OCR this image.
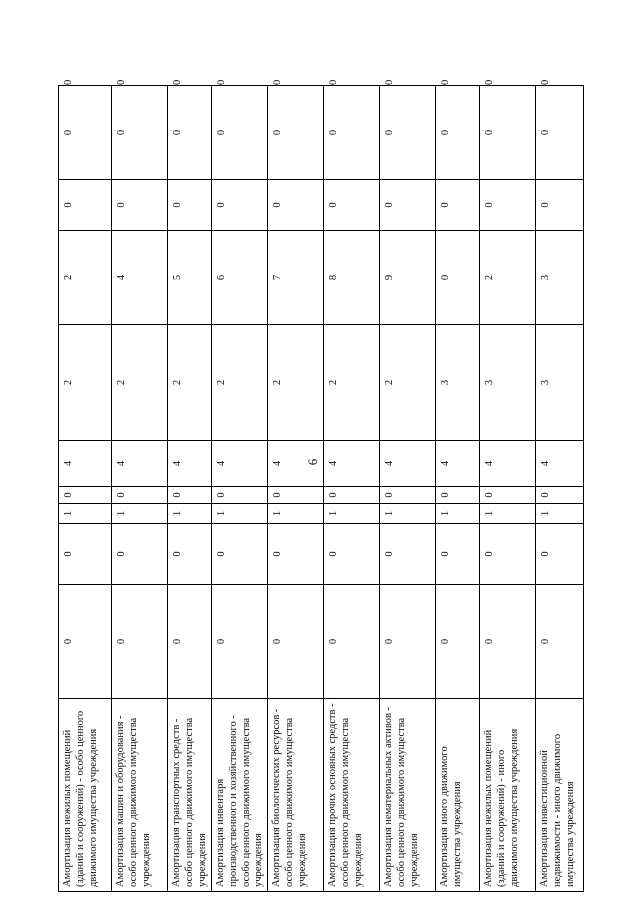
6
Амортизация нежилых помещений (зданий и сооружений) - особо ценного движимого имущества учреждения	0	0	1	0	4	2	2	0	0	0
Амортизация машин и оборудования - особо ценного движимого имущества учреждения	0	0	1	0	4	2	4	0	0	0
Амортизация транспортных средств - особо ценного движимого имущества учреждения	0	0	1	0	4	2	5	0	0	0
Амортизация инвентаря производственного и хозяйственного - особо ценного движимого имущества учреждения	0	0	1	0	4	2	6	0	0	0
Амортизация биологических ресурсов - особо ценного движимого имущества учреждения	0	0	1	0	4	2	7	0	0	0
Амортизация прочих основных средств - особо ценного движимого имущества учреждения	0	0	1	0	4	2	8	0	0	0
Амортизация нематериальных активов - особо ценного движимого имущества учреждения	0	0	1	0	4	2	9	0	0	0
Амортизация иного движимого имущества учреждения	0	0	1	0	4	3	0	0	0	0
Амортизация нежилых помещений (зданий и сооружений) - иного движимого имущества учреждения	0	0	1	0	4	3	2	0	0	0
Амортизация инвестиционной недвижимости - иного движимого имущества учреждения	0	0	1	0	4	3	3	0	0	0
